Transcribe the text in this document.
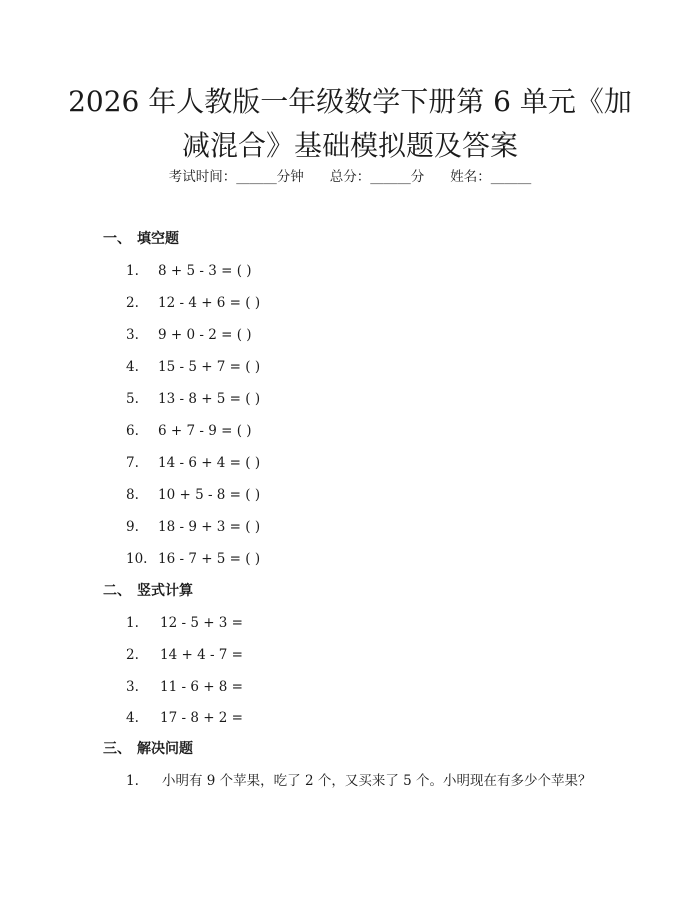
2026 年人教版一年级数学下册第 6 单元《加
减混合》基础模拟题及答案
考试时间：______分钟 总分：______分 姓名：______
一、 填空题
1. 8 + 5 - 3 = ( )
2. 12 - 4 + 6 = ( )
3. 9 + 0 - 2 = ( )
4. 15 - 5 + 7 = ( )
5. 13 - 8 + 5 = ( )
6. 6 + 7 - 9 = ( )
7. 14 - 6 + 4 = ( )
8. 10 + 5 - 8 = ( )
9. 18 - 9 + 3 = ( )
10. 16 - 7 + 5 = ( )
二、 竖式计算
1. 12 - 5 + 3 =
2. 14 + 4 - 7 =
3. 11 - 6 + 8 =
4. 17 - 8 + 2 =
三、 解决问题
1. 小明有 9 个苹果，吃了 2 个，又买来了 5 个。小明现在有多少个苹果？
